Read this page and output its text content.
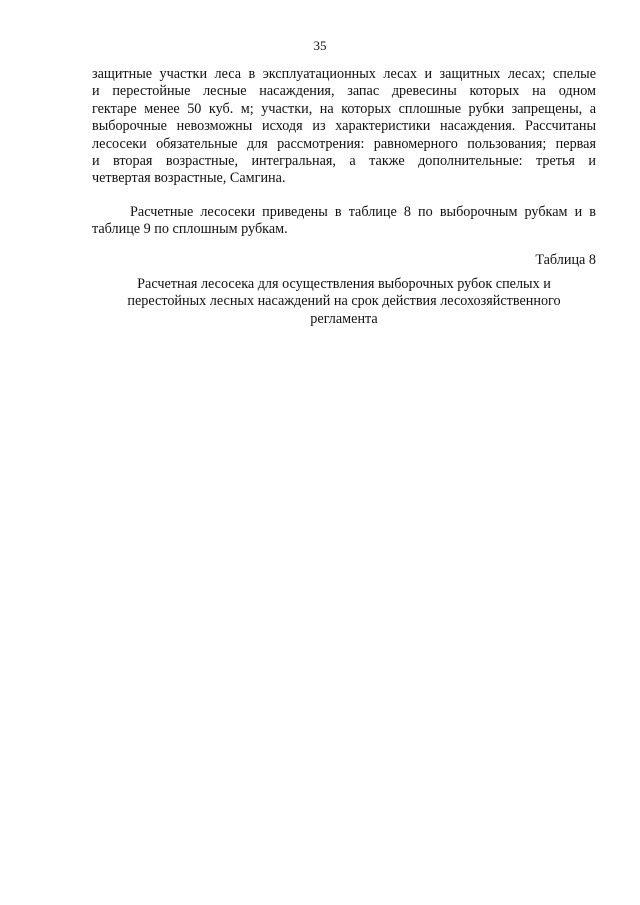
35
защитные участки леса в эксплуатационных лесах и защитных лесах; спелые
и перестойные лесные насаждения, запас древесины которых на одном
гектаре менее 50 куб. м; участки, на которых сплошные рубки запрещены, а
выборочные невозможны исходя из характеристики насаждения. Рассчитаны
лесосеки обязательные для рассмотрения: равномерного пользования; первая
и вторая возрастные, интегральная, а также дополнительные: третья и
четвертая возрастные, Самгина.
Расчетные лесосеки приведены в таблице 8 по выборочным рубкам и в
таблице 9 по сплошным рубкам.
Таблица 8
Расчетная лесосека для осуществления выборочных рубок спелых и
перестойных лесных насаждений на срок действия лесохозяйственного
регламента
